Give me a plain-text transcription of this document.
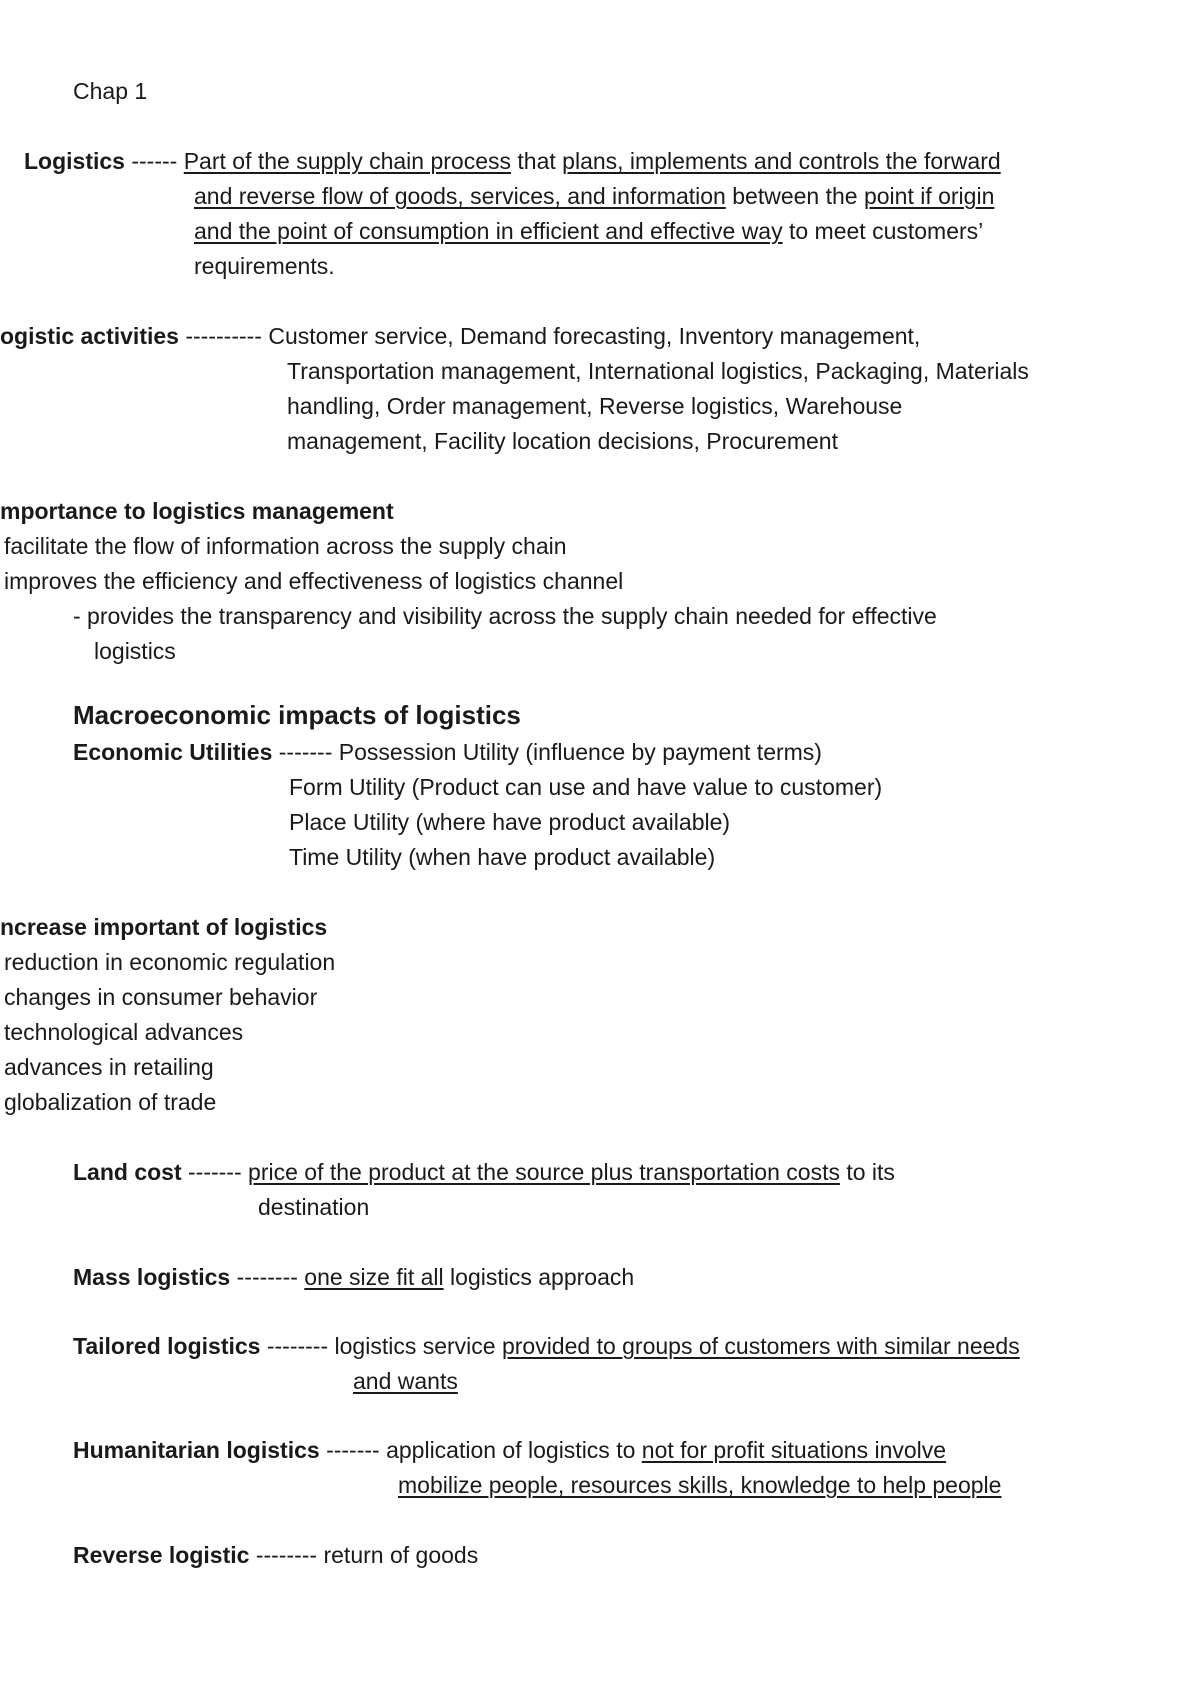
Chap 1
Logistics ------ Part of the supply chain process that plans, implements and controls the forward
and reverse flow of goods, services, and information between the point if origin
and the point of consumption in efficient and effective way to meet customers’
requirements.
ogistic activities ---------- Customer service, Demand forecasting, Inventory management,
Transportation management, International logistics, Packaging, Materials
handling, Order management, Reverse logistics, Warehouse
management, Facility location decisions, Procurement
mportance to logistics management
facilitate the flow of information across the supply chain
improves the efficiency and effectiveness of logistics channel
- provides the transparency and visibility across the supply chain needed for effective
logistics
Macroeconomic impacts of logistics
Economic Utilities ------- Possession Utility (influence by payment terms)
Form Utility (Product can use and have value to customer)
Place Utility (where have product available)
Time Utility (when have product available)
ncrease important of logistics
reduction in economic regulation
changes in consumer behavior
technological advances
advances in retailing
globalization of trade
Land cost ------- price of the product at the source plus transportation costs to its
destination
Mass logistics -------- one size fit all logistics approach
Tailored logistics -------- logistics service provided to groups of customers with similar needs
and wants
Humanitarian logistics ------- application of logistics to not for profit situations involve
mobilize people, resources skills, knowledge to help people
Reverse logistic -------- return of goods
